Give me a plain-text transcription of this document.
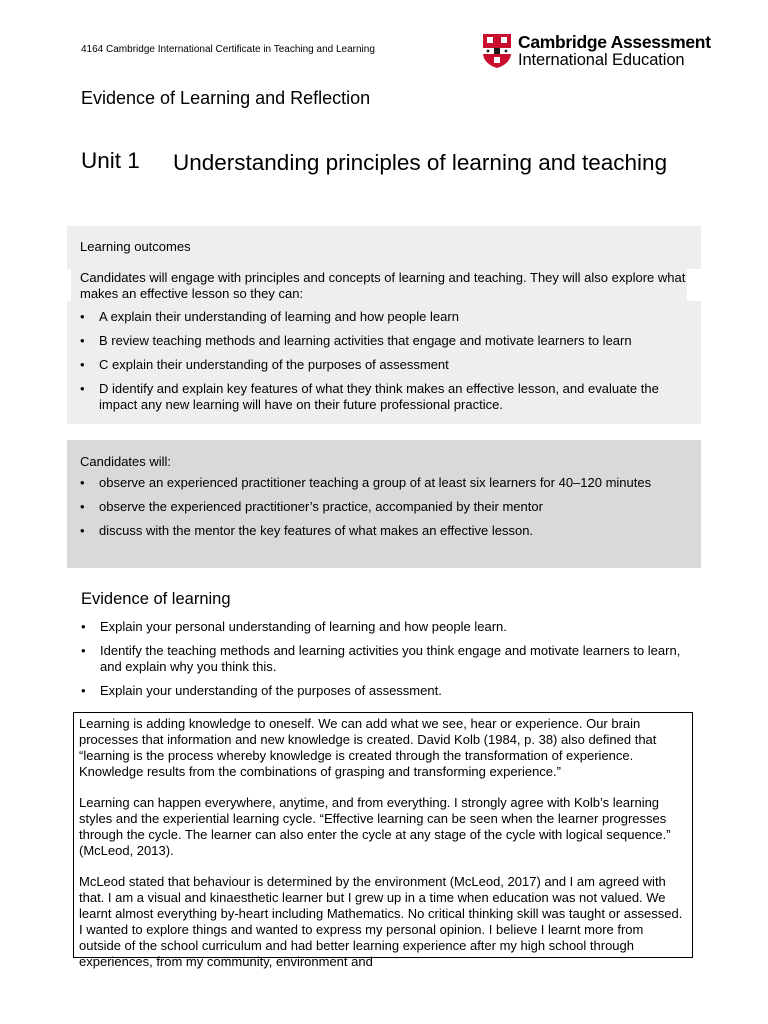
4164 Cambridge International Certificate in Teaching and Learning	Cambridge Assessment
International Education
Evidence of Learning and Reflection
Unit 1 Understanding principles of learning and teaching
Learning outcomes
Candidates will engage with principles and concepts of learning and teaching. They will also explore what makes an effective lesson so they can:
• A explain their understanding of learning and how people learn
• B review teaching methods and learning activities that engage and motivate learners to learn
• C explain their understanding of the purposes of assessment
• D identify and explain key features of what they think makes an effective lesson, and evaluate the impact any new learning will have on their future professional practice.
Candidates will:
• observe an experienced practitioner teaching a group of at least six learners for 40–120 minutes
• observe the experienced practitioner’s practice, accompanied by their mentor
• discuss with the mentor the key features of what makes an effective lesson.
Evidence of learning
• Explain your personal understanding of learning and how people learn.
• Identify the teaching methods and learning activities you think engage and motivate learners to learn, and explain why you think this.
• Explain your understanding of the purposes of assessment.

Learning is adding knowledge to oneself. We can add what we see, hear or experience. Our brain processes that information and new knowledge is created. David Kolb (1984, p. 38) also defined that “learning is the process whereby knowledge is created through the transformation of experience. Knowledge results from the combinations of grasping and transforming experience.”

Learning can happen everywhere, anytime, and from everything. I strongly agree with Kolb’s learning styles and the experiential learning cycle. “Effective learning can be seen when the learner progresses through the cycle. The learner can also enter the cycle at any stage of the cycle with logical sequence.” (McLeod, 2013).

McLeod stated that behaviour is determined by the environment (McLeod, 2017) and I am agreed with that. I am a visual and kinaesthetic learner but I grew up in a time when education was not valued. We learnt almost everything by-heart including Mathematics. No critical thinking skill was taught or assessed. I wanted to explore things and wanted to express my personal opinion. I believe I learnt more from outside of the school curriculum and had better learning experience after my high school through experiences, from my community, environment and
